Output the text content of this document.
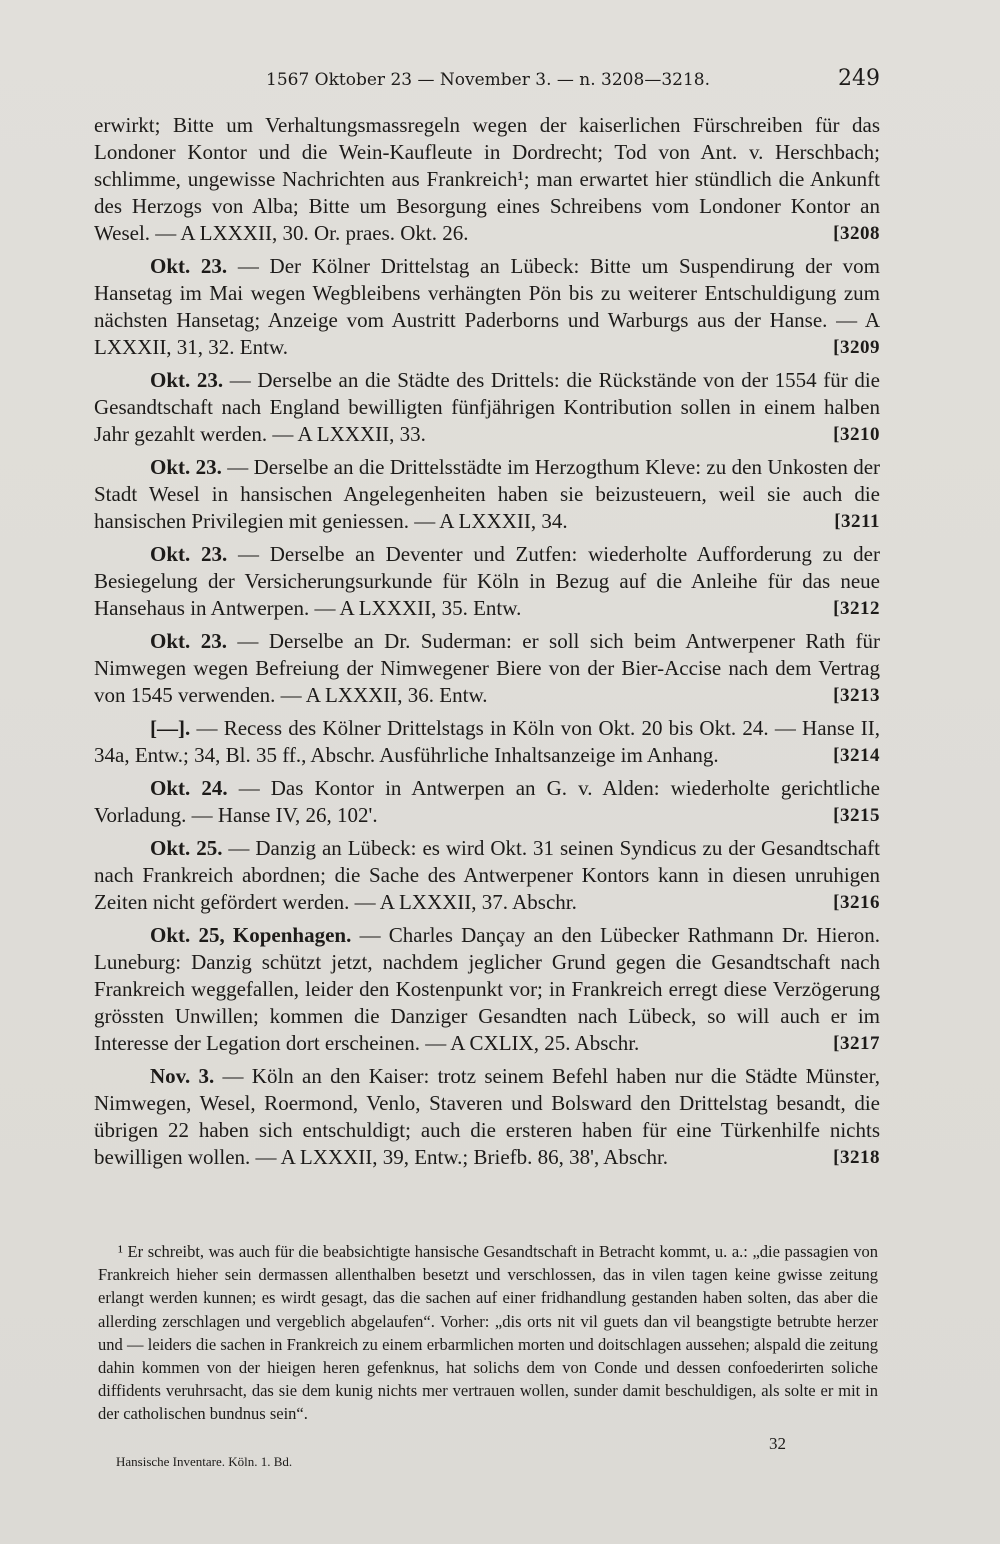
1567 Oktober 23 — November 3. — n. 3208—3218.	249
erwirkt; Bitte um Verhaltungsmassregeln wegen der kaiserlichen Fürschreiben für das Londoner Kontor und die Wein-Kaufleute in Dordrecht; Tod von Ant. v. Herschbach; schlimme, ungewisse Nachrichten aus Frankreich¹; man erwartet hier stündlich die Ankunft des Herzogs von Alba; Bitte um Besorgung eines Schreibens vom Londoner Kontor an Wesel. — A LXXXII, 30. Or. praes. Okt. 26.	[3208
Okt. 23. — Der Kölner Drittelstag an Lübeck: Bitte um Suspendirung der vom Hansetag im Mai wegen Wegbleibens verhängten Pön bis zu weiterer Entschuldigung zum nächsten Hansetag; Anzeige vom Austritt Paderborns und Warburgs aus der Hanse. — A LXXXII, 31, 32. Entw.	[3209
Okt. 23. — Derselbe an die Städte des Drittels: die Rückstände von der 1554 für die Gesandtschaft nach England bewilligten fünfjährigen Kontribution sollen in einem halben Jahr gezahlt werden. — A LXXXII, 33.	[3210
Okt. 23. — Derselbe an die Drittelsstädte im Herzogthum Kleve: zu den Unkosten der Stadt Wesel in hansischen Angelegenheiten haben sie beizusteuern, weil sie auch die hansischen Privilegien mit geniessen. — A LXXXII, 34.	[3211
Okt. 23. — Derselbe an Deventer und Zutfen: wiederholte Aufforderung zu der Besiegelung der Versicherungsurkunde für Köln in Bezug auf die Anleihe für das neue Hansehaus in Antwerpen. — A LXXXII, 35. Entw.	[3212
Okt. 23. — Derselbe an Dr. Suderman: er soll sich beim Antwerpener Rath für Nimwegen wegen Befreiung der Nimwegener Biere von der Bier-Accise nach dem Vertrag von 1545 verwenden. — A LXXXII, 36. Entw.	[3213
[—]. — Recess des Kölner Drittelstags in Köln von Okt. 20 bis Okt. 24. — Hanse II, 34a, Entw.; 34, Bl. 35 ff., Abschr. Ausführliche Inhaltsanzeige im Anhang.	[3214
Okt. 24. — Das Kontor in Antwerpen an G. v. Alden: wiederholte gerichtliche Vorladung. — Hanse IV, 26, 102'.	[3215
Okt. 25. — Danzig an Lübeck: es wird Okt. 31 seinen Syndicus zu der Gesandtschaft nach Frankreich abordnen; die Sache des Antwerpener Kontors kann in diesen unruhigen Zeiten nicht gefördert werden. — A LXXXII, 37. Abschr.	[3216
Okt. 25, Kopenhagen. — Charles Dançay an den Lübecker Rathmann Dr. Hieron. Luneburg: Danzig schützt jetzt, nachdem jeglicher Grund gegen die Gesandtschaft nach Frankreich weggefallen, leider den Kostenpunkt vor; in Frankreich erregt diese Verzögerung grössten Unwillen; kommen die Danziger Gesandten nach Lübeck, so will auch er im Interesse der Legation dort erscheinen. — A CXLIX, 25. Abschr.	[3217
Nov. 3. — Köln an den Kaiser: trotz seinem Befehl haben nur die Städte Münster, Nimwegen, Wesel, Roermond, Venlo, Staveren und Bolsward den Drittelstag besandt, die übrigen 22 haben sich entschuldigt; auch die ersteren haben für eine Türkenhilfe nichts bewilligen wollen. — A LXXXII, 39, Entw.; Briefb. 86, 38', Abschr.	[3218
¹ Er schreibt, was auch für die beabsichtigte hansische Gesandtschaft in Betracht kommt, u. a.: „die passagien von Frankreich hieher sein dermassen allenthalben besetzt und verschlossen, das in vilen tagen keine gwisse zeitung erlangt werden kunnen; es wirdt gesagt, das die sachen auf einer fridhandlung gestanden haben solten, das aber die allerding zerschlagen und vergeblich abgelaufen“. Vorher: „dis orts nit vil guets dan vil beangstigte betrubte herzer und — leiders die sachen in Frankreich zu einem erbarmlichen morten und doitschlagen aussehen; alspald die zeitung dahin kommen von der hieigen heren gefenknus, hat solichs dem von Conde und dessen confoederirten soliche diffidents veruhrsacht, das sie dem kunig nichts mer vertrauen wollen, sunder damit beschuldigen, als solte er mit in der catholischen bundnus sein“.
Hansische Inventare. Köln. 1. Bd.
32
